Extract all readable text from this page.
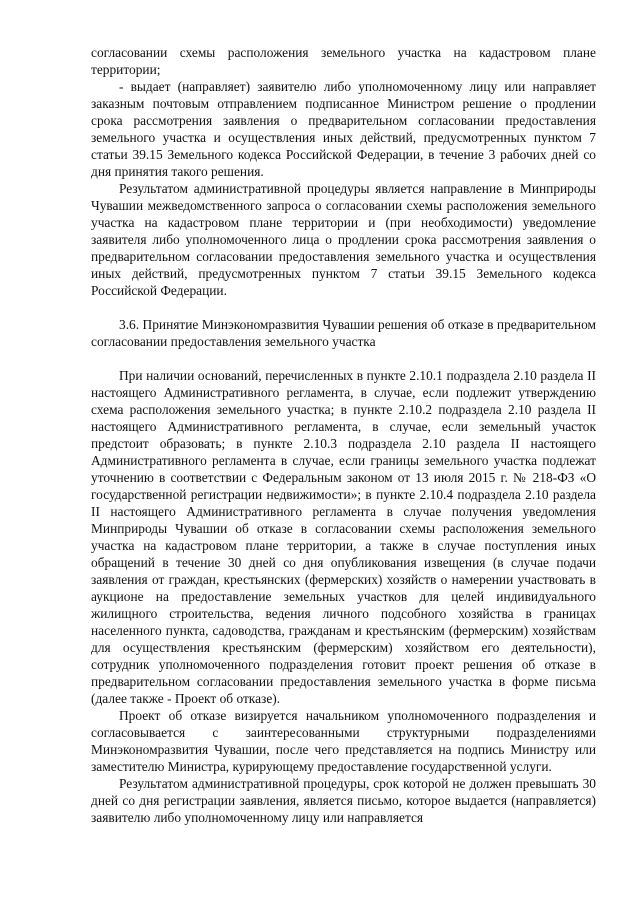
согласовании схемы расположения земельного участка на кадастровом плане территории;

- выдает (направляет) заявителю либо уполномоченному лицу или направляет заказным почтовым отправлением подписанное Министром решение о продлении срока рассмотрения заявления о предварительном согласовании предоставления земельного участка и осуществления иных действий, предусмотренных пунктом 7 статьи 39.15 Земельного кодекса Российской Федерации, в течение 3 рабочих дней со дня принятия такого решения.

Результатом административной процедуры является направление в Минприроды Чувашии межведомственного запроса о согласовании схемы расположения земельного участка на кадастровом плане территории и (при необходимости) уведомление заявителя либо уполномоченного лица о продлении срока рассмотрения заявления о предварительном согласовании предоставления земельного участка и осуществления иных действий, предусмотренных пунктом 7 статьи 39.15 Земельного кодекса Российской Федерации.

3.6. Принятие Минэкономразвития Чувашии решения об отказе в предварительном согласовании предоставления земельного участка

При наличии оснований, перечисленных в пункте 2.10.1 подраздела 2.10 раздела II настоящего Административного регламента, в случае, если подлежит утверждению схема расположения земельного участка; в пункте 2.10.2 подраздела 2.10 раздела II настоящего Административного регламента, в случае, если земельный участок предстоит образовать; в пункте 2.10.3 подраздела 2.10 раздела II настоящего Административного регламента в случае, если границы земельного участка подлежат уточнению в соответствии с Федеральным законом от 13 июля 2015 г. № 218-ФЗ «О государственной регистрации недвижимости»; в пункте 2.10.4 подраздела 2.10 раздела II настоящего Административного регламента в случае получения уведомления Минприроды Чувашии об отказе в согласовании схемы расположения земельного участка на кадастровом плане территории, а также в случае поступления иных обращений в течение 30 дней со дня опубликования извещения (в случае подачи заявления от граждан, крестьянских (фермерских) хозяйств о намерении участвовать в аукционе на предоставление земельных участков для целей индивидуального жилищного строительства, ведения личного подсобного хозяйства в границах населенного пункта, садоводства, гражданам и крестьянским (фермерским) хозяйствам для осуществления крестьянским (фермерским) хозяйством его деятельности), сотрудник уполномоченного подразделения готовит проект решения об отказе в предварительном согласовании предоставления земельного участка в форме письма (далее также - Проект об отказе).

Проект об отказе визируется начальником уполномоченного подразделения и согласовывается с заинтересованными структурными подразделениями Минэкономразвития Чувашии, после чего представляется на подпись Министру или заместителю Министра, курирующему предоставление государственной услуги.

Результатом административной процедуры, срок которой не должен превышать 30 дней со дня регистрации заявления, является письмо, которое выдается (направляется) заявителю либо уполномоченному лицу или направляется
